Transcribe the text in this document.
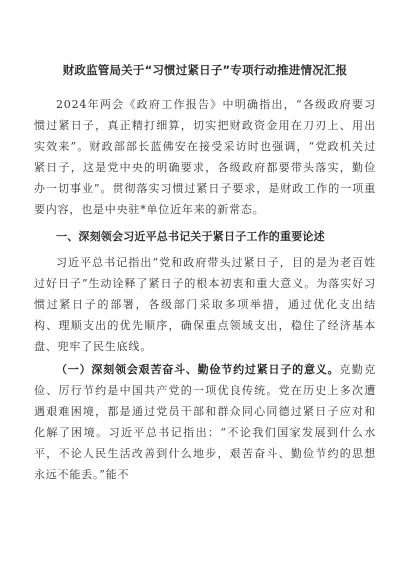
财政监管局关于“习惯过紧日子”专项行动推进情况汇报

2024年两会《政府工作报告》中明确指出，“各级政府要习惯过紧日子，真正精打细算，切实把财政资金用在刀刃上、用出实效来”。财政部部长蓝佛安在接受采访时也强调，“党政机关过紧日子，这是党中央的明确要求，各级政府都要带头落实，勤俭办一切事业”。贯彻落实习惯过紧日子要求，是财政工作的一项重要内容，也是中央驻*单位近年来的新常态。

一、深刻领会习近平总书记关于紧日子工作的重要论述

习近平总书记指出“党和政府带头过紧日子，目的是为老百姓过好日子”生动诠释了紧日子的根本初衷和重大意义。为落实好习惯过紧日子的部署，各级部门采取多项举措，通过优化支出结构、理顺支出的优先顺序，确保重点领域支出，稳住了经济基本盘、兜牢了民生底线。

（一）深刻领会艰苦奋斗、勤俭节约过紧日子的意义。克勤克俭、厉行节约是中国共产党的一项优良传统。党在历史上多次遭遇艰难困境，都是通过党员干部和群众同心同德过紧日子应对和化解了困境。习近平总书记指出：“不论我们国家发展到什么水平，不论人民生活改善到什么地步，艰苦奋斗、勤俭节约的思想永远不能丢。”能不
